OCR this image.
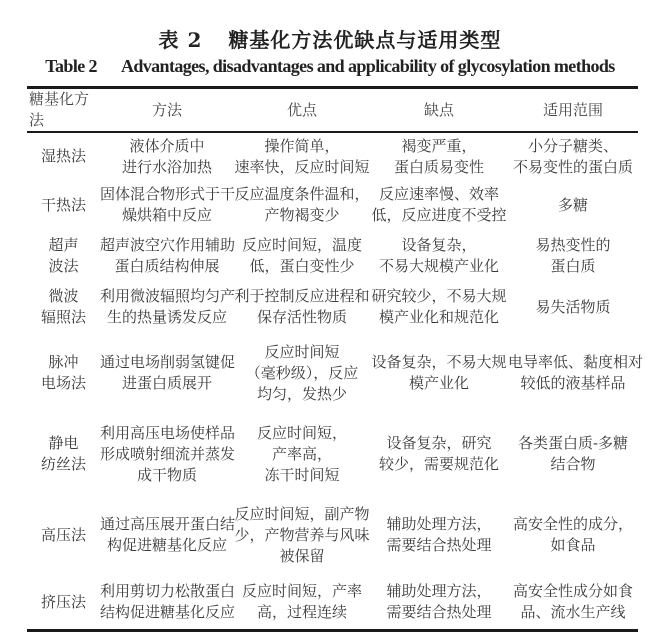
表 2 糖基化方法优缺点与适用类型
Table 2 Advantages, disadvantages and applicability of glycosylation methods
糖基化方法	方法	优点	缺点	适用范围

湿热法	液体介质中
进行水浴加热	操作简单，
速率快，反应时间短	褐变严重，
蛋白质易变性	小分子糖类、
不易变性的蛋白质

干热法	固体混合物形式于干
燥烘箱中反应	反应温度条件温和，
产物褐变少	反应速率慢、效率
低，反应进度不受控	多糖

超声
波法	超声波空穴作用辅助
蛋白质结构伸展	反应时间短，温度
低，蛋白变性少	设备复杂，
不易大规模产业化	易热变性的
蛋白质

微波
辐照法	利用微波辐照均匀产
生的热量诱发反应	利于控制反应进程和
保存活性物质	研究较少，不易大规
模产业化和规范化	易失活物质

脉冲
电场法	通过电场削弱氢键促
进蛋白质展开	反应时间短
（毫秒级），反应
均匀，发热少	设备复杂，不易大规
模产业化	电导率低、黏度相对
较低的液基样品

静电
纺丝法	利用高压电场使样品
形成喷射细流并蒸发
成干物质	反应时间短，
产率高，
冻干时间短	设备复杂，研究
较少，需要规范化	各类蛋白质-多糖
结合物

高压法	通过高压展开蛋白结
构促进糖基化反应	反应时间短，副产物
少，产物营养与风味
被保留	辅助处理方法，
需要结合热处理	高安全性的成分，
如食品

挤压法	利用剪切力松散蛋白
结构促进糖基化反应	反应时间短，产率
高，过程连续	辅助处理方法，
需要结合热处理	高安全性成分如食
品、流水生产线
